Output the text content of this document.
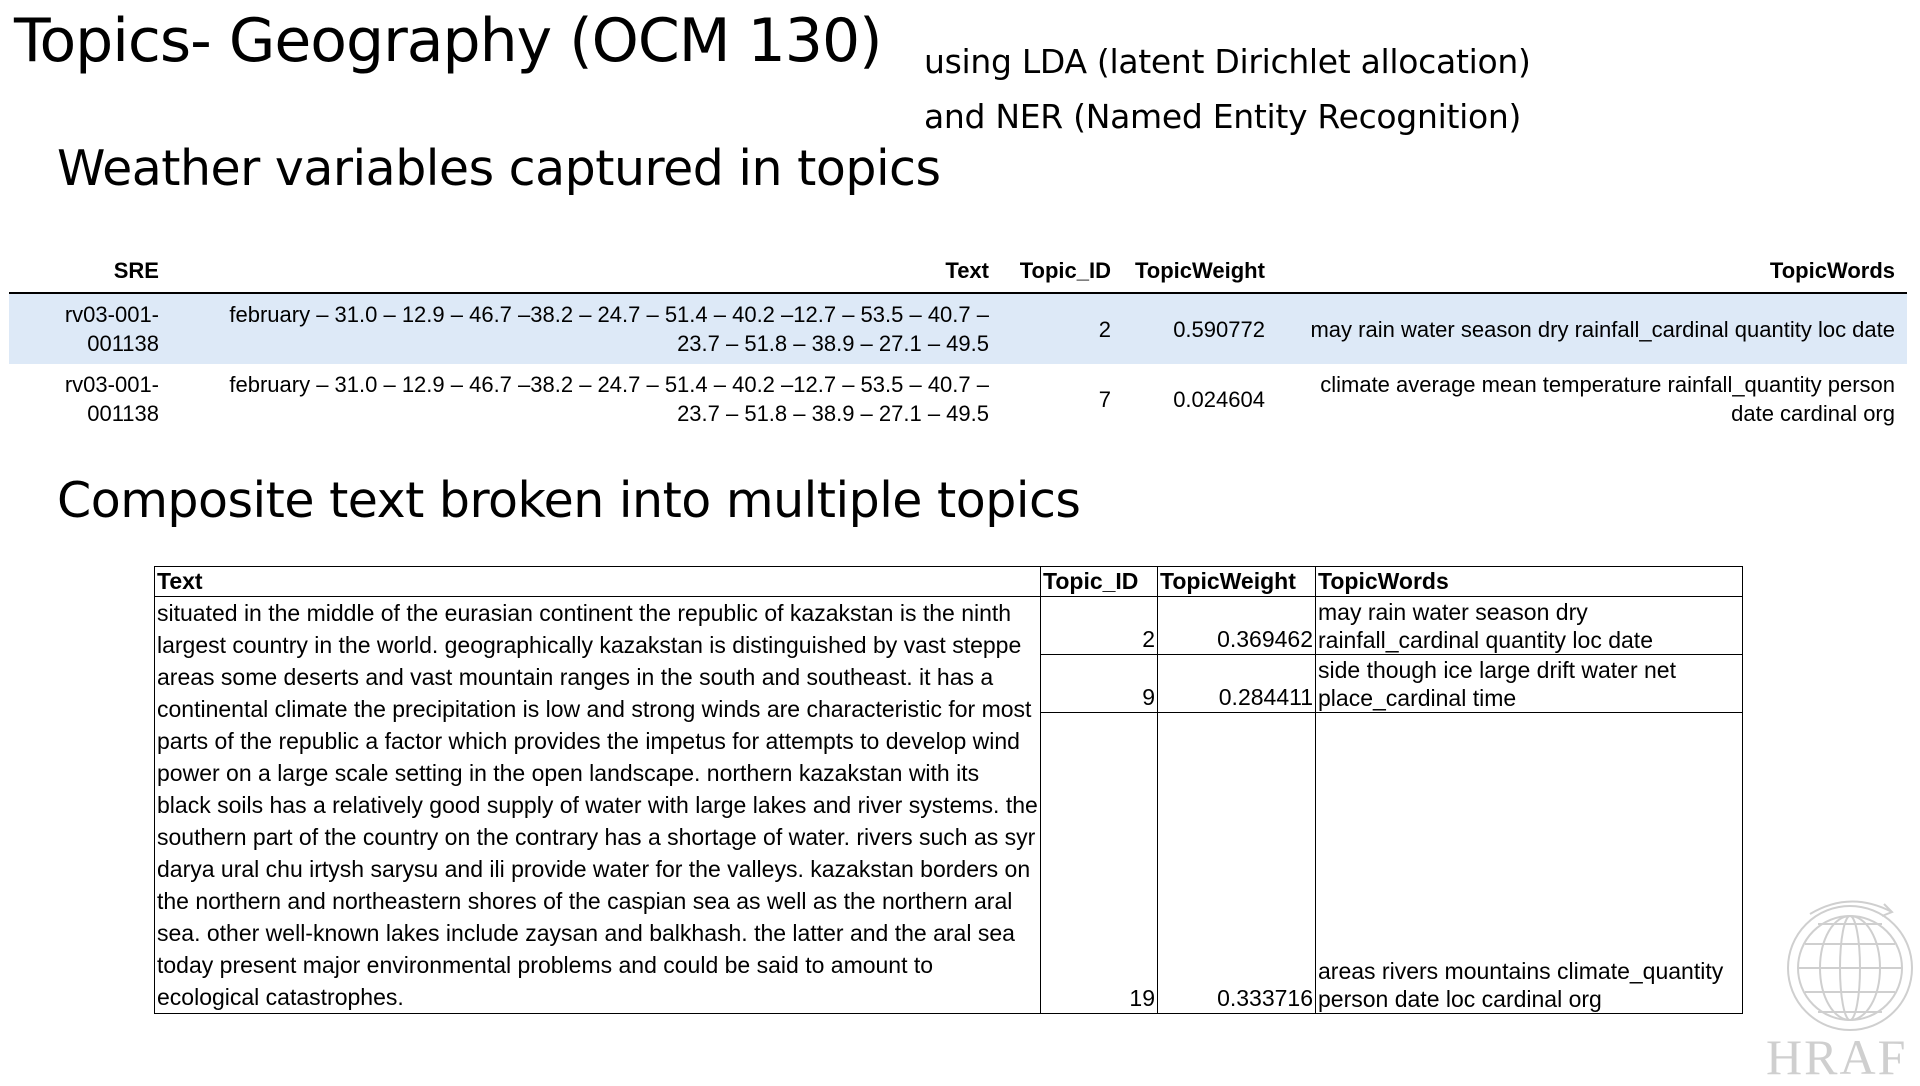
Topics- Geography (OCM 130) using LDA (latent Dirichlet allocation)
and NER (Named Entity Recognition)
Weather variables captured in topics
SRE	Text	Topic_ID	TopicWeight	TopicWords
rv03-001-001138	february – 31.0 – 12.9 – 46.7 –38.2 – 24.7 – 51.4 – 40.2 –12.7 – 53.5 – 40.7 – 23.7 – 51.8 – 38.9 – 27.1 – 49.5	2	0.590772	may rain water season dry rainfall_cardinal quantity loc date
rv03-001-001138	february – 31.0 – 12.9 – 46.7 –38.2 – 24.7 – 51.4 – 40.2 –12.7 – 53.5 – 40.7 – 23.7 – 51.8 – 38.9 – 27.1 – 49.5	7	0.024604	climate average mean temperature rainfall_quantity person date cardinal org
Composite text broken into multiple topics
Text	Topic_ID	TopicWeight	TopicWords
situated in the middle of the eurasian continent the republic of kazakstan is the ninth largest country in the world. geographically kazakstan is distinguished by vast steppe areas some deserts and vast mountain ranges in the south and southeast. it has a continental climate the precipitation is low and strong winds are characteristic for most parts of the republic a factor which provides the impetus for attempts to develop wind power on a large scale setting in the open landscape. northern kazakstan with its black soils has a relatively good supply of water with large lakes and river systems. the southern part of the country on the contrary has a shortage of water. rivers such as syr darya ural chu irtysh sarysu and ili provide water for the valleys. kazakstan borders on the northern and northeastern shores of the caspian sea as well as the northern aral sea. other well-known lakes include zaysan and balkhash. the latter and the aral sea today present major environmental problems and could be said to amount to ecological catastrophes.	2	0.369462	may rain water season dry rainfall_cardinal quantity loc date
	9	0.284411	side though ice large drift water net place_cardinal time
	19	0.333716	areas rivers mountains climate_quantity person date loc cardinal org
HRAF
